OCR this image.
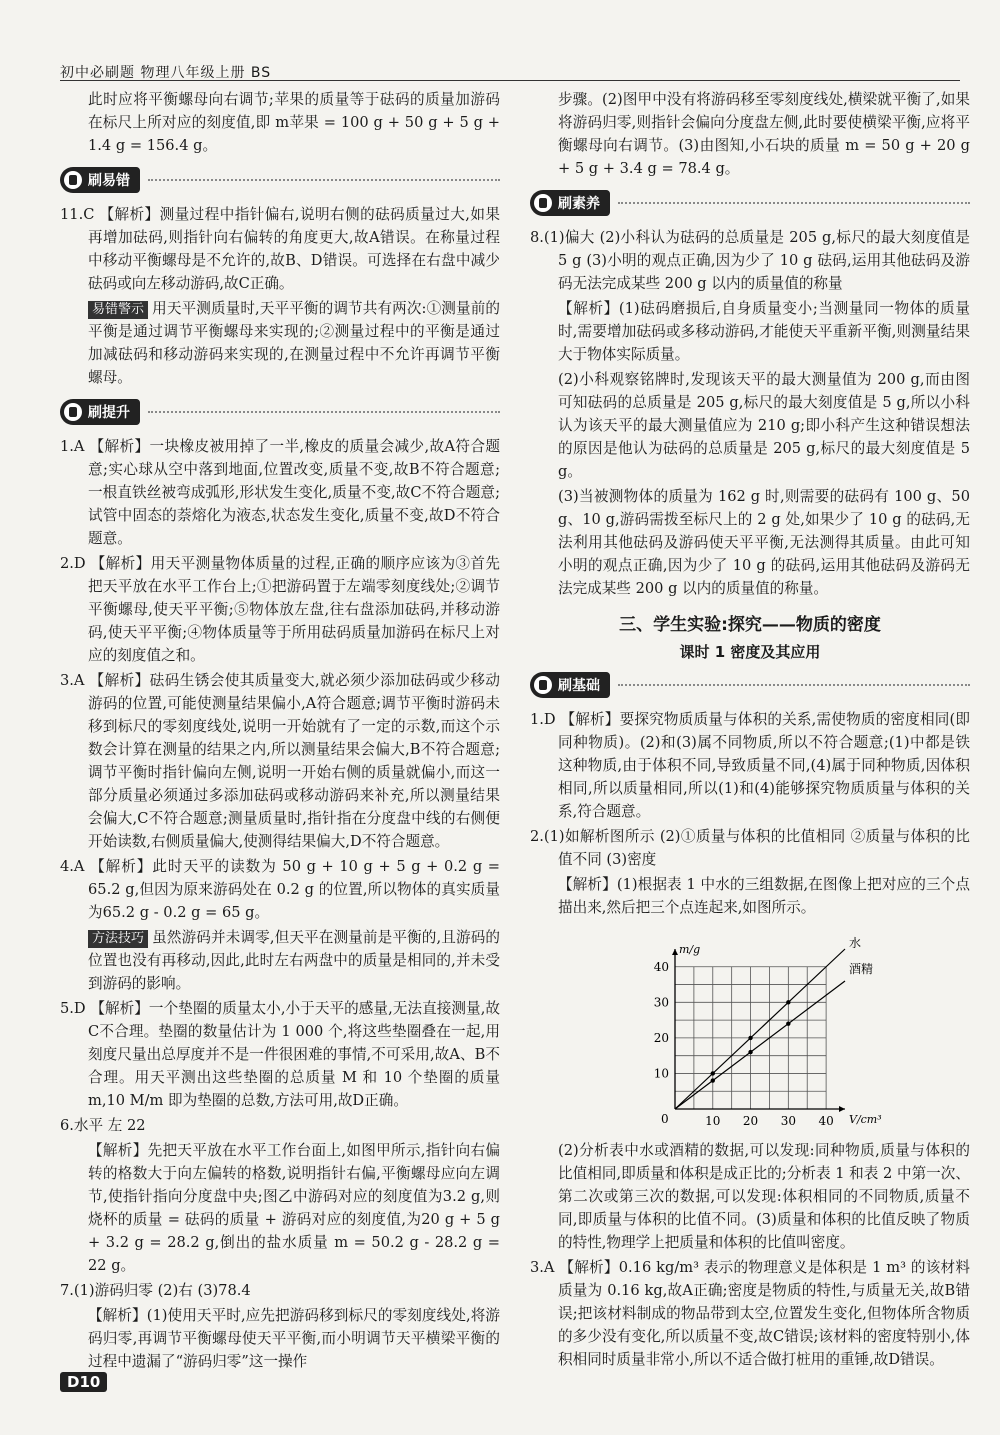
初中必刷题 物理八年级上册 BS

此时应将平衡螺母向右调节;苹果的质量等于砝码的质量加游码在标尺上所对应的刻度值,即 m苹果 = 100 g + 50 g + 5 g + 1.4 g = 156.4 g。

刷易错

11.C 【解析】测量过程中指针偏右,说明右侧的砝码质量过大,如果再增加砝码,则指针向右偏转的角度更大,故A错误。在称量过程中移动平衡螺母是不允许的,故B、D错误。可选择在右盘中减少砝码或向左移动游码,故C正确。

易错警示 用天平测质量时,天平平衡的调节共有两次:①测量前的平衡是通过调节平衡螺母来实现的;②测量过程中的平衡是通过加减砝码和移动游码来实现的,在测量过程中不允许再调节平衡螺母。

刷提升

1.A 【解析】一块橡皮被用掉了一半,橡皮的质量会减少,故A符合题意;实心球从空中落到地面,位置改变,质量不变,故B不符合题意;一根直铁丝被弯成弧形,形状发生变化,质量不变,故C不符合题意;试管中固态的萘熔化为液态,状态发生变化,质量不变,故D不符合题意。

2.D 【解析】用天平测量物体质量的过程,正确的顺序应该为③首先把天平放在水平工作台上;①把游码置于左端零刻度线处;②调节平衡螺母,使天平平衡;⑤物体放左盘,往右盘添加砝码,并移动游码,使天平平衡;④物体质量等于所用砝码质量加游码在标尺上对应的刻度值之和。

3.A 【解析】砝码生锈会使其质量变大,就必须少添加砝码或少移动游码的位置,可能使测量结果偏小,A符合题意;调节平衡时游码未移到标尺的零刻度线处,说明一开始就有了一定的示数,而这个示数会计算在测量的结果之内,所以测量结果会偏大,B不符合题意;调节平衡时指针偏向左侧,说明一开始右侧的质量就偏小,而这一部分质量必须通过多添加砝码或移动游码来补充,所以测量结果会偏大,C不符合题意;测量质量时,指针指在分度盘中线的右侧便开始读数,右侧质量偏大,使测得结果偏大,D不符合题意。

4.A 【解析】此时天平的读数为 50 g + 10 g + 5 g + 0.2 g = 65.2 g,但因为原来游码处在 0.2 g 的位置,所以物体的真实质量为65.2 g - 0.2 g = 65 g。

方法技巧 虽然游码并未调零,但天平在测量前是平衡的,且游码的位置也没有再移动,因此,此时左右两盘中的质量是相同的,并未受到游码的影响。

5.D 【解析】一个垫圈的质量太小,小于天平的感量,无法直接测量,故C不合理。垫圈的数量估计为 1 000 个,将这些垫圈叠在一起,用刻度尺量出总厚度并不是一件很困难的事情,不可采用,故A、B不合理。用天平测出这些垫圈的总质量 M 和 10 个垫圈的质量 m,10 M/m 即为垫圈的总数,方法可用,故D正确。

6.水平 左 22

【解析】先把天平放在水平工作台面上,如图甲所示,指针向右偏转的格数大于向左偏转的格数,说明指针右偏,平衡螺母应向左调节,使指针指向分度盘中央;图乙中游码对应的刻度值为3.2 g,则烧杯的质量 = 砝码的质量 + 游码对应的刻度值,为20 g + 5 g + 3.2 g = 28.2 g,倒出的盐水质量 m = 50.2 g - 28.2 g = 22 g。

7.(1)游码归零 (2)右 (3)78.4

【解析】(1)使用天平时,应先把游码移到标尺的零刻度线处,将游码归零,再调节平衡螺母使天平平衡,而小明调节天平横梁平衡的过程中遗漏了“游码归零”这一操作

步骤。(2)图甲中没有将游码移至零刻度线处,横梁就平衡了,如果将游码归零,则指针会偏向分度盘左侧,此时要使横梁平衡,应将平衡螺母向右调节。(3)由图知,小石块的质量 m = 50 g + 20 g + 5 g + 3.4 g = 78.4 g。

刷素养

8.(1)偏大 (2)小科认为砝码的总质量是 205 g,标尺的最大刻度值是 5 g (3)小明的观点正确,因为少了 10 g 砝码,运用其他砝码及游码无法完成某些 200 g 以内的质量值的称量

【解析】(1)砝码磨损后,自身质量变小;当测量同一物体的质量时,需要增加砝码或多移动游码,才能使天平重新平衡,则测量结果大于物体实际质量。

(2)小科观察铭牌时,发现该天平的最大测量值为 200 g,而由图可知砝码的总质量是 205 g,标尺的最大刻度值是 5 g,所以小科认为该天平的最大测量值应为 210 g;即小科产生这种错误想法的原因是他认为砝码的总质量是 205 g,标尺的最大刻度值是 5 g。

(3)当被测物体的质量为 162 g 时,则需要的砝码有 100 g、50 g、10 g,游码需拨至标尺上的 2 g 处,如果少了 10 g 的砝码,无法利用其他砝码及游码使天平平衡,无法测得其质量。由此可知小明的观点正确,因为少了 10 g 的砝码,运用其他砝码及游码无法完成某些 200 g 以内的质量值的称量。

三、学生实验:探究——物质的密度
课时 1 密度及其应用
刷基础

1.D 【解析】要探究物质质量与体积的关系,需使物质的密度相同(即同种物质)。(2)和(3)属不同物质,所以不符合题意;(1)中都是铁这种物质,由于体积不同,导致质量不同,(4)属于同种物质,因体积相同,所以质量相同,所以(1)和(4)能够探究物质质量与体积的关系,符合题意。

2.(1)如解析图所示 (2)①质量与体积的比值相同 ②质量与体积的比值不同 (3)密度

【解析】(1)根据表 1 中水的三组数据,在图像上把对应的三个点描出来,然后把三个点连起来,如图所示。

10 20 30 40
10
20
30
40
0	V/cm³
m/g	水
酒精

(2)分析表中水或酒精的数据,可以发现:同种物质,质量与体积的比值相同,即质量和体积是成正比的;分析表 1 和表 2 中第一次、第二次或第三次的数据,可以发现:体积相同的不同物质,质量不同,即质量与体积的比值不同。(3)质量和体积的比值反映了物质的特性,物理学上把质量和体积的比值叫密度。

3.A 【解析】0.16 kg/m³ 表示的物理意义是体积是 1 m³ 的该材料质量为 0.16 kg,故A正确;密度是物质的特性,与质量无关,故B错误;把该材料制成的物品带到太空,位置发生变化,但物体所含物质的多少没有变化,所以质量不变,故C错误;该材料的密度特别小,体积相同时质量非常小,所以不适合做打桩用的重锤,故D错误。

D10
